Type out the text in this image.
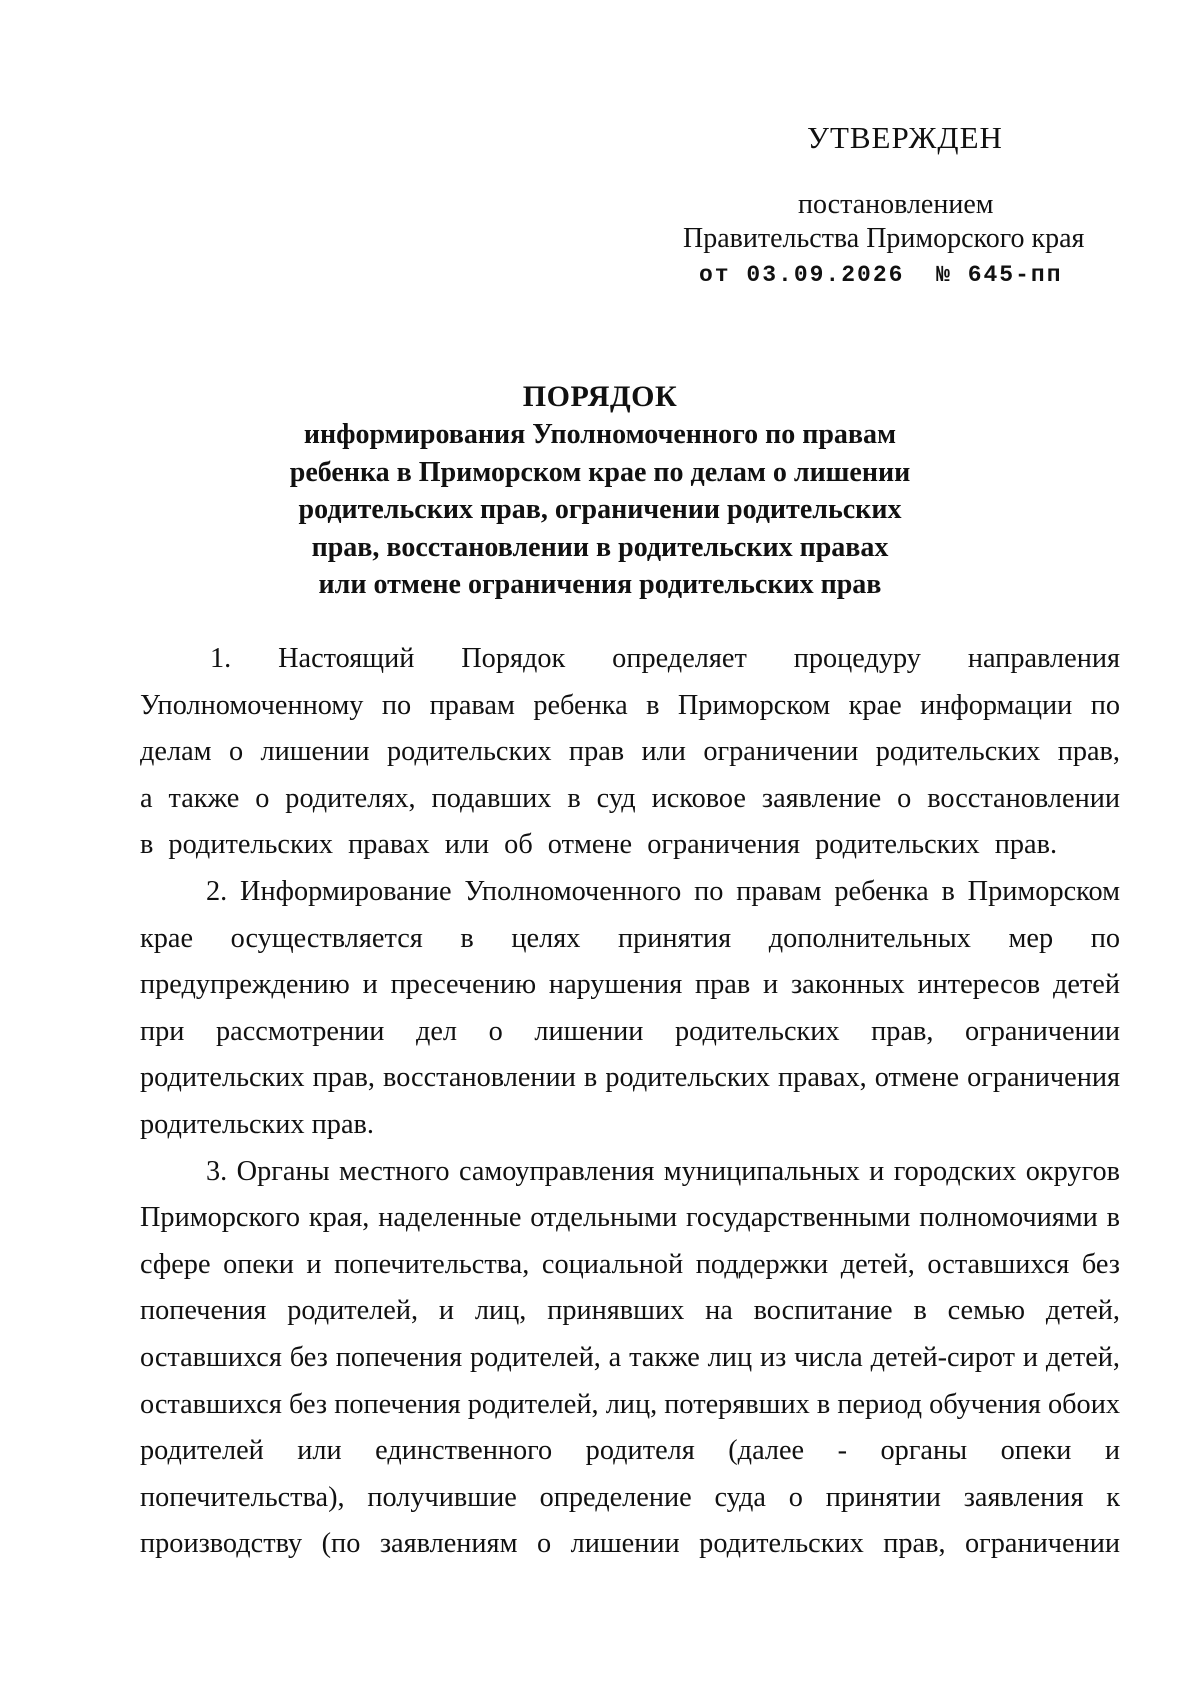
УТВЕРЖДЕН
постановлением
Правительства Приморского края
от 03.09.2026 № 645-пп
ПОРЯДОК
информирования Уполномоченного по правам
ребенка в Приморском крае по делам о лишении
родительских прав, ограничении родительских
прав, восстановлении в родительских правах
или отмене ограничения родительских прав

1. Настоящий Порядок определяет процедуру направления Уполномоченному по правам ребенка в Приморском крае информации по делам о лишении родительских прав или ограничении родительских прав, а также о родителях, подавших в суд исковое заявление о восстановлении в родительских правах или об отмене ограничения родительских прав.

2. Информирование Уполномоченного по правам ребенка в Приморском крае осуществляется в целях принятия дополнительных мер по предупреждению и пресечению нарушения прав и законных интересов детей при рассмотрении дел о лишении родительских прав, ограничении родительских прав, восстановлении в родительских правах, отмене ограничения родительских прав.

3. Органы местного самоуправления муниципальных и городских округов Приморского края, наделенные отдельными государственными полномочиями в сфере опеки и попечительства, социальной поддержки детей, оставшихся без попечения родителей, и лиц, принявших на воспитание в семью детей, оставшихся без попечения родителей, а также лиц из числа детей-сирот и детей, оставшихся без попечения родителей, лиц, потерявших в период обучения обоих родителей или единственного родителя (далее - органы опеки и попечительства), получившие определение суда о принятии заявления к производству (по заявлениям о лишении родительских прав, ограничении
